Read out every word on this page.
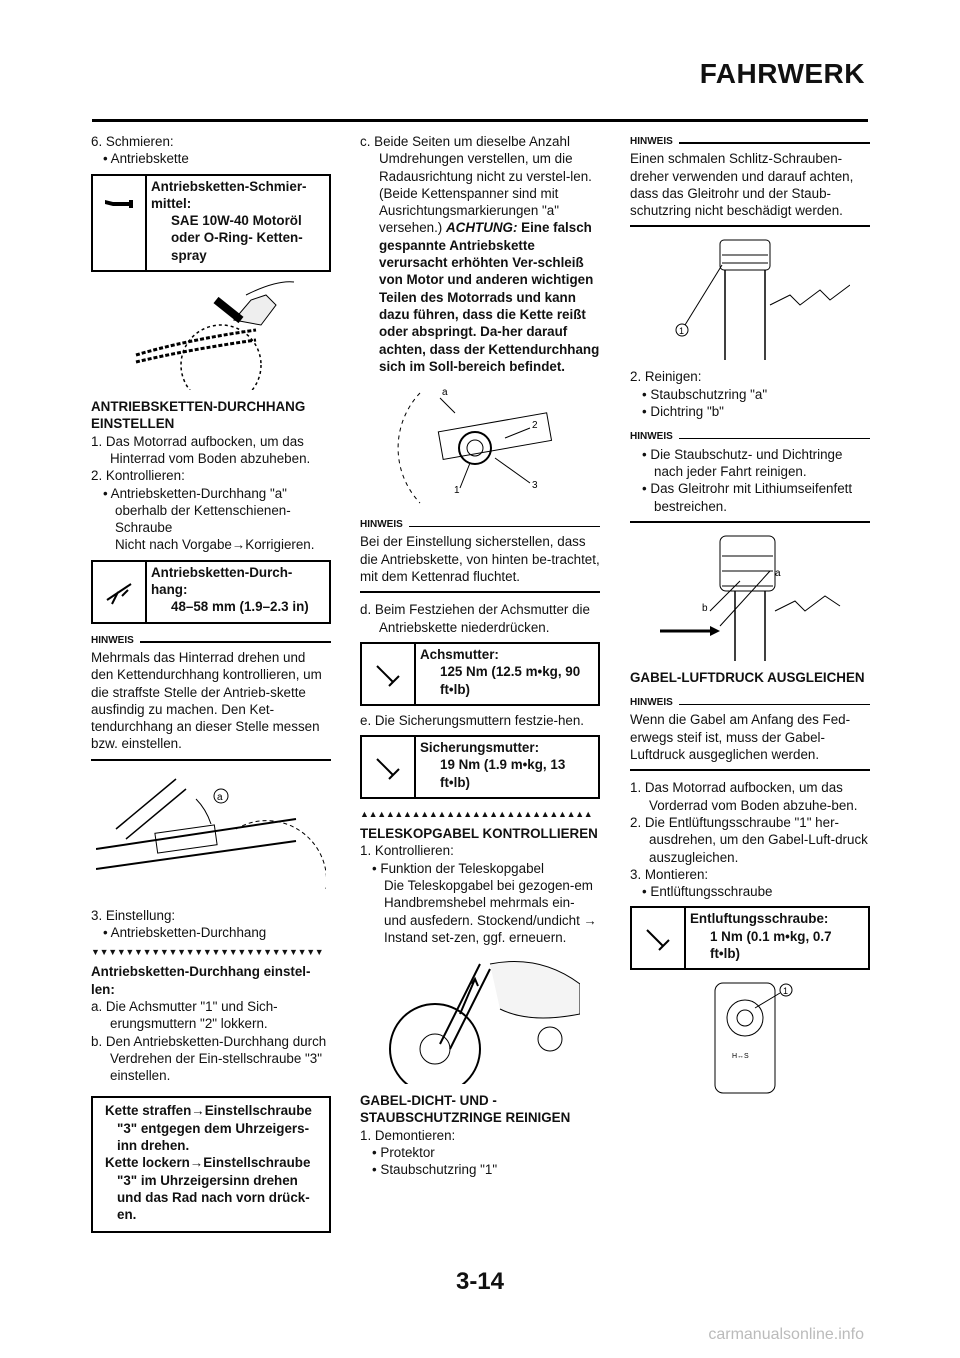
FAHRWERK

6. Schmieren:

• Antriebskette

Antriebsketten-Schmier-mittel:
SAE 10W-40 Motoröl oder O-Ring- Ketten-spray

ANTRIEBSKETTEN-DURCHHANG EINSTELLEN

1. Das Motorrad aufbocken, um das Hinterrad vom Boden abzuheben.

2. Kontrollieren:

• Antriebsketten-Durchhang "a" oberhalb der Kettenschienen-Schraube

Nicht nach Vorgabe→Korrigieren.

Antriebsketten-Durch-hang:
48–58 mm (1.9–2.3 in)
HINWEIS

Mehrmals das Hinterrad drehen und den Kettendurchhang kontrollieren, um die straffste Stelle der Antrieb-skette ausfindig zu machen. Den Ket-tendurchhang an dieser Stelle messen bzw. einstellen.

a

3. Einstellung:

• Antriebsketten-Durchhang

▼▼▼▼▼▼▼▼▼▼▼▼▼▼▼▼▼▼▼▼▼▼▼▼▼▼▼

Antriebsketten-Durchhang einstel-len:

a. Die Achsmutter "1" und Sich-erungsmuttern "2" lokkern.

b. Den Antriebsketten-Durchhang durch Verdrehen der Ein-stellschraube "3" einstellen.

Kette straffen→Einstellschraube "3" entgegen dem Uhrzeigers-inn drehen.
Kette lockern→Einstellschraube "3" im Uhrzeigersinn drehen und das Rad nach vorn drück-en.

c. Beide Seiten um dieselbe Anzahl Umdrehungen verstellen, um die Radausrichtung nicht zu verstel-len. (Beide Kettenspanner sind mit Ausrichtungsmarkierungen "a" versehen.) ACHTUNG: Eine falsch gespannte Antriebskette verursacht erhöhten Ver-schleiß von Motor und anderen wichtigen Teilen des Motorrads und kann dazu führen, dass die Kette reißt oder abspringt. Da-her darauf achten, dass der Kettendurchhang sich im Soll-bereich befindet.

a
2
3
1
HINWEIS

Bei der Einstellung sicherstellen, dass die Antriebskette, von hinten be-trachtet, mit dem Kettenrad fluchtet.

d. Beim Festziehen der Achsmutter die Antriebskette niederdrücken.

Achsmutter:
125 Nm (12.5 m•kg, 90 ft•lb)

e. Die Sicherungsmuttern festzie-hen.

Sicherungsmutter:
19 Nm (1.9 m•kg, 13 ft•lb)
▲▲▲▲▲▲▲▲▲▲▲▲▲▲▲▲▲▲▲▲▲▲▲▲▲▲▲

TELESKOPGABEL KONTROLLIEREN

1. Kontrollieren:

• Funktion der Teleskopgabel

Die Teleskopgabel bei gezogen-em Handbremshebel mehrmals ein- und ausfedern. Stockend/undicht → Instand set-zen, ggf. erneuern.

GABEL-DICHT- UND -STAUBSCHUTZRINGE REINIGEN

1. Demontieren:

• Protektor

• Staubschutzring "1"

HINWEIS

Einen schmalen Schlitz-Schrauben-dreher verwenden und darauf achten, dass das Gleitrohr und der Staub-schutzring nicht beschädigt werden.

1

2. Reinigen:

• Staubschutzring "a"

• Dichtring "b"

HINWEIS

• Die Staubschutz- und Dichtringe nach jeder Fahrt reinigen.

• Das Gleitrohr mit Lithiumseifenfett bestreichen.

a
b

GABEL-LUFTDRUCK AUSGLEICHEN

HINWEIS

Wenn die Gabel am Anfang des Fed-erwegs steif ist, muss der Gabel-Luftdruck ausgeglichen werden.

1. Das Motorrad aufbocken, um das Vorderrad vom Boden abzuhe-ben.

2. Die Entlüftungsschraube "1" her-ausdrehen, um den Gabel-Luft-druck auszugleichen.

3. Montieren:

• Entlüftungsschraube

Entluftungsschraube:
1 Nm (0.1 m•kg, 0.7 ft•lb)
1
H↔S
3-14
carmanualsonline.info
